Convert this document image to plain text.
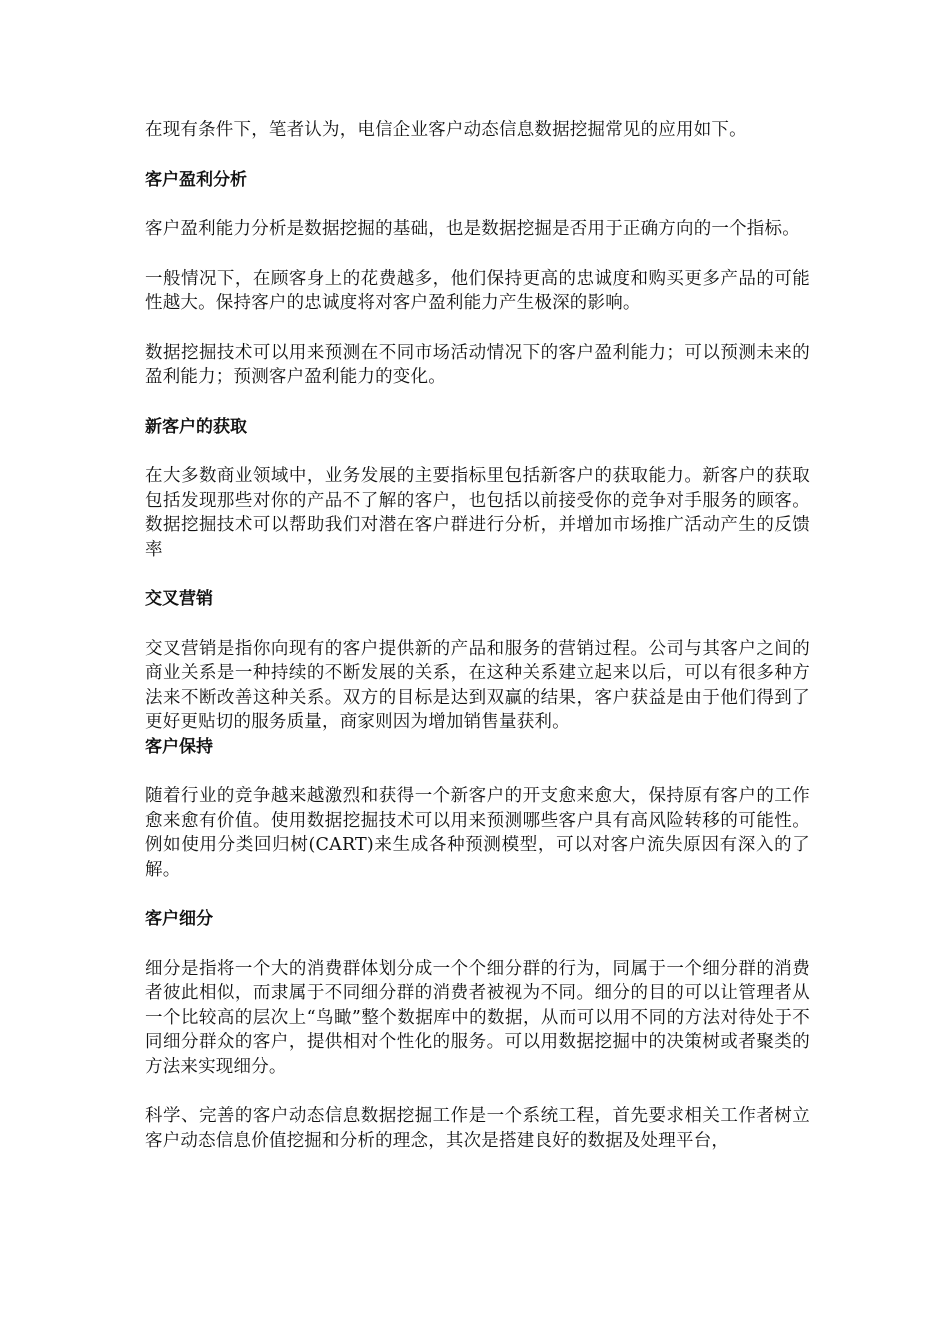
在现有条件下，笔者认为，电信企业客户动态信息数据挖掘常见的应用如下。

客户盈利分析

客户盈利能力分析是数据挖掘的基础，也是数据挖掘是否用于正确方向的一个指标。

一般情况下，在顾客身上的花费越多，他们保持更高的忠诚度和购买更多产品的可能性越大。保持客户的忠诚度将对客户盈利能力产生极深的影响。

数据挖掘技术可以用来预测在不同市场活动情况下的客户盈利能力；可以预测未来的盈利能力；预测客户盈利能力的变化。

新客户的获取

在大多数商业领域中，业务发展的主要指标里包括新客户的获取能力。新客户的获取包括发现那些对你的产品不了解的客户，也包括以前接受你的竞争对手服务的顾客。数据挖掘技术可以帮助我们对潜在客户群进行分析，并增加市场推广活动产生的反馈率

交叉营销

交叉营销是指你向现有的客户提供新的产品和服务的营销过程。公司与其客户之间的商业关系是一种持续的不断发展的关系，在这种关系建立起来以后，可以有很多种方法来不断改善这种关系。双方的目标是达到双赢的结果，客户获益是由于他们得到了更好更贴切的服务质量，商家则因为增加销售量获利。

客户保持

随着行业的竞争越来越激烈和获得一个新客户的开支愈来愈大，保持原有客户的工作愈来愈有价值。使用数据挖掘技术可以用来预测哪些客户具有高风险转移的可能性。例如使用分类回归树(CART)来生成各种预测模型，可以对客户流失原因有深入的了解。

客户细分

细分是指将一个大的消费群体划分成一个个细分群的行为，同属于一个细分群的消费者彼此相似，而隶属于不同细分群的消费者被视为不同。细分的目的可以让管理者从一个比较高的层次上“鸟瞰”整个数据库中的数据，从而可以用不同的方法对待处于不同细分群众的客户，提供相对个性化的服务。可以用数据挖掘中的决策树或者聚类的方法来实现细分。

科学、完善的客户动态信息数据挖掘工作是一个系统工程，首先要求相关工作者树立客户动态信息价值挖掘和分析的理念，其次是搭建良好的数据及处理平台，
